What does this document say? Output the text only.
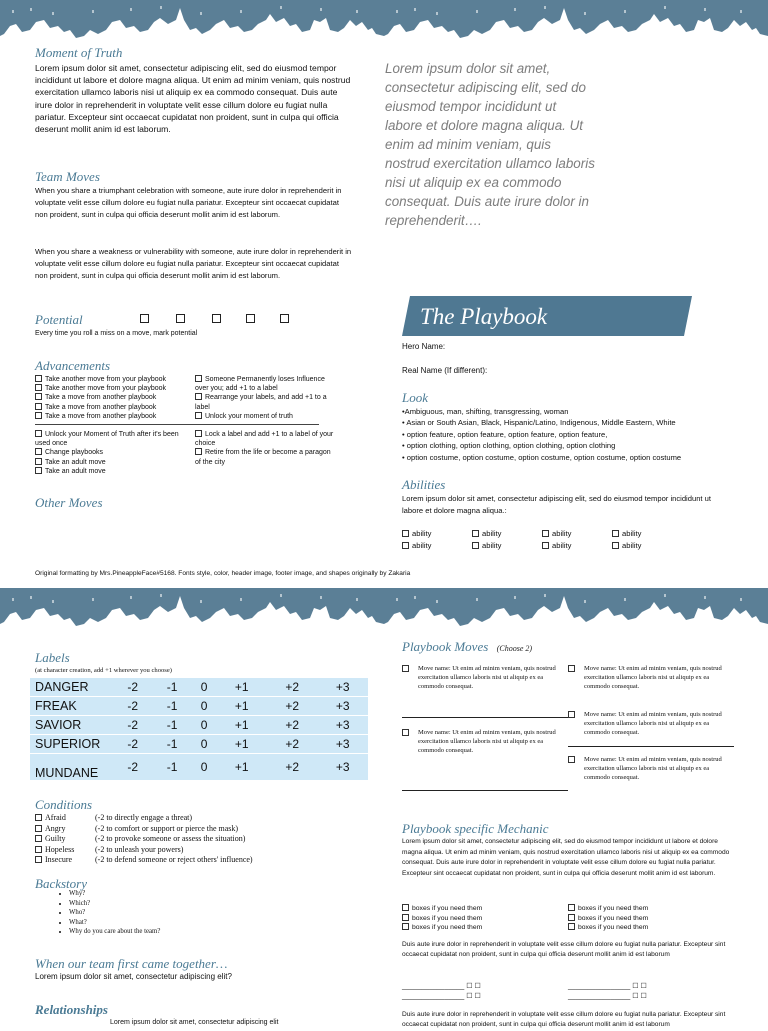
Moment of Truth
Lorem ipsum dolor sit amet, consectetur adipiscing elit, sed do eiusmod tempor incididunt ut labore et dolore magna aliqua. Ut enim ad minim veniam, quis nostrud exercitation ullamco laboris nisi ut aliquip ex ea commodo consequat. Duis aute irure dolor in reprehenderit in voluptate velit esse cillum dolore eu fugiat nulla pariatur. Excepteur sint occaecat cupidatat non proident, sunt in culpa qui officia deserunt mollit anim id est laborum.
Team Moves
When you share a triumphant celebration with someone, aute irure dolor in reprehenderit in voluptate velit esse cillum dolore eu fugiat nulla pariatur. Excepteur sint occaecat cupidatat non proident, sunt in culpa qui officia deserunt mollit anim id est laborum.
When you share a weakness or vulnerability with someone, aute irure dolor in reprehenderit in voluptate velit esse cillum dolore eu fugiat nulla pariatur. Excepteur sint occaecat cupidatat non proident, sunt in culpa qui officia deserunt mollit anim id est laborum.
Potential
Every time you roll a miss on a move, mark potential
Advancements
Take another move from your playbook
Take another move from your playbook
Take a move from another playbook
Take a move from another playbook
Take a move from another playbook
Someone Permanently loses Influence over you; add +1 to a label
Rearrange your labels, and add +1 to a label
Unlock your moment of truth
Unlock your Moment of Truth after it's been used once
Change playbooks
Take an adult move
Take an adult move
Lock a label and add +1 to a label of your choice
Retire from the life or become a paragon of the city
Other Moves
Original formatting by Mrs.PineappleFace#5168. Fonts style, color, header image, footer image, and shapes originally by Zakaria
Lorem ipsum dolor sit amet, consectetur adipiscing elit, sed do eiusmod tempor incididunt ut labore et dolore magna aliqua. Ut enim ad minim veniam, quis nostrud exercitation ullamco laboris nisi ut aliquip ex ea commodo consequat. Duis aute irure dolor in reprehenderit….
The Playbook
Hero Name:
Real Name (If different):
Look
•Ambiguous, man, shifting, transgressing, woman
• Asian or South Asian, Black, Hispanic/Latino, Indigenous, Middle Eastern, White
• option feature, option feature, option feature, option feature,
• option clothing, option clothing, option clothing, option clothing
• option costume, option costume, option costume, option costume, option costume
Abilities
Lorem ipsum dolor sit amet, consectetur adipiscing elit, sed do eiusmod tempor incididunt ut labore et dolore magna aliqua.:
ability	ability	ability	ability
ability	ability	ability	ability
Labels
(at character creation, add +1 wherever you choose)
DANGER	-2	-1	0	+1	+2	+3

FREAK	-2	-1	0	+1	+2	+3

SAVIOR	-2	-1	0	+1	+2	+3

SUPERIOR	-2	-1	0	+1	+2	+3

MUNDANE	-2	-1	0	+1	+2	+3
Conditions
Afraid	(-2 to directly engage a threat)
Angry	(-2 to comfort or support or pierce the mask)
Guilty	(-2 to provoke someone or assess the situation)
Hopeless	(-2 to unleash your powers)
Insecure	(-2 to defend someone or reject others' influence)
Backstory
• Why?
• Which?
• Who?
• What?
• Why do you care about the team?
When our team first came together…
Lorem ipsum dolor sit amet, consectetur adipiscing elit?
Relationships
Lorem ipsum dolor sit amet, consectetur adipiscing elit
Playbook Moves (Choose 2)
Move name: Ut enim ad minim veniam, quis nostrud exercitation ullamco laboris nisi ut aliquip ex ea commodo consequat.
Move name: Ut enim ad minim veniam, quis nostrud exercitation ullamco laboris nisi ut aliquip ex ea commodo consequat.
Move name: Ut enim ad minim veniam, quis nostrud exercitation ullamco laboris nisi ut aliquip ex ea commodo consequat.
Move name: Ut enim ad minim veniam, quis nostrud exercitation ullamco laboris nisi ut aliquip ex ea commodo consequat.
Move name: Ut enim ad minim veniam, quis nostrud exercitation ullamco laboris nisi ut aliquip ex ea commodo consequat.
Playbook specific Mechanic
Lorem ipsum dolor sit amet, consectetur adipiscing elit, sed do eiusmod tempor incididunt ut labore et dolore magna aliqua. Ut enim ad minim veniam, quis nostrud exercitation ullamco laboris nisi ut aliquip ex ea commodo consequat. Duis aute irure dolor in reprehenderit in voluptate velit esse cillum dolore eu fugiat nulla pariatur. Excepteur sint occaecat cupidatat non proident, sunt in culpa qui officia deserunt mollit anim id est laborum.
boxes if you need them
boxes if you need them
boxes if you need them
boxes if you need them
boxes if you need them
boxes if you need them
Duis aute irure dolor in reprehenderit in voluptate velit esse cillum dolore eu fugiat nulla pariatur. Excepteur sint occaecat cupidatat non proident, sunt in culpa qui officia deserunt mollit anim id est laborum
________________ ☐ ☐
________________ ☐ ☐
________________ ☐ ☐
________________ ☐ ☐
Duis aute irure dolor in reprehenderit in voluptate velit esse cillum dolore eu fugiat nulla pariatur. Excepteur sint occaecat cupidatat non proident, sunt in culpa qui officia deserunt mollit anim id est laborum
